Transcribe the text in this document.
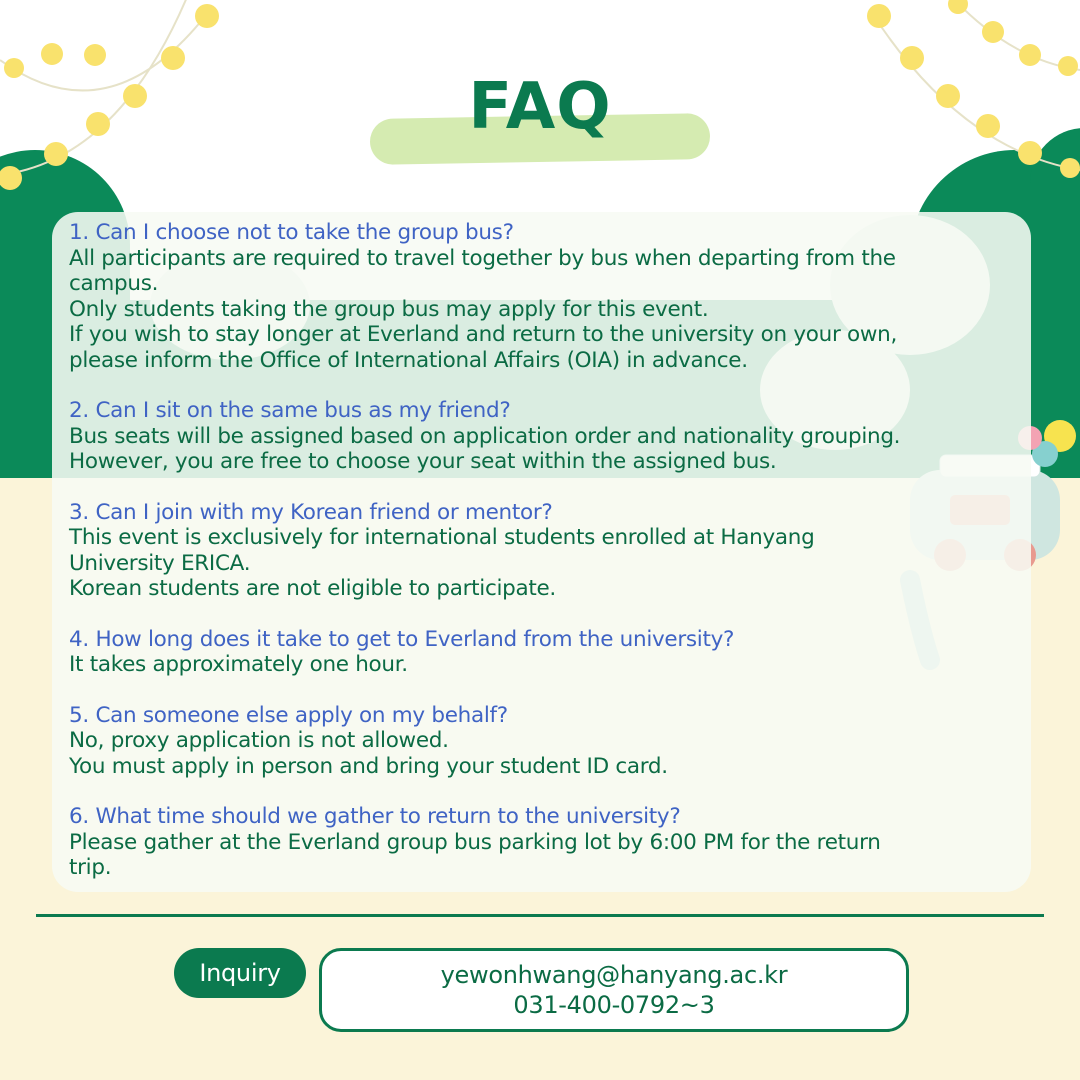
FAQ
1. Can I choose not to take the group bus?
All participants are required to travel together by bus when departing from the
campus.
Only students taking the group bus may apply for this event.
If you wish to stay longer at Everland and return to the university on your own,
please inform the Office of International Affairs (OIA) in advance.
2. Can I sit on the same bus as my friend?
Bus seats will be assigned based on application order and nationality grouping.
However, you are free to choose your seat within the assigned bus.
3. Can I join with my Korean friend or mentor?
This event is exclusively for international students enrolled at Hanyang
University ERICA.
Korean students are not eligible to participate.
4. How long does it take to get to Everland from the university?
It takes approximately one hour.
5. Can someone else apply on my behalf?
No, proxy application is not allowed.
You must apply in person and bring your student ID card.
6. What time should we gather to return to the university?
Please gather at the Everland group bus parking lot by 6:00 PM for the return
trip.
Inquiry	yewonhwang@hanyang.ac.kr
031-400-0792~3
